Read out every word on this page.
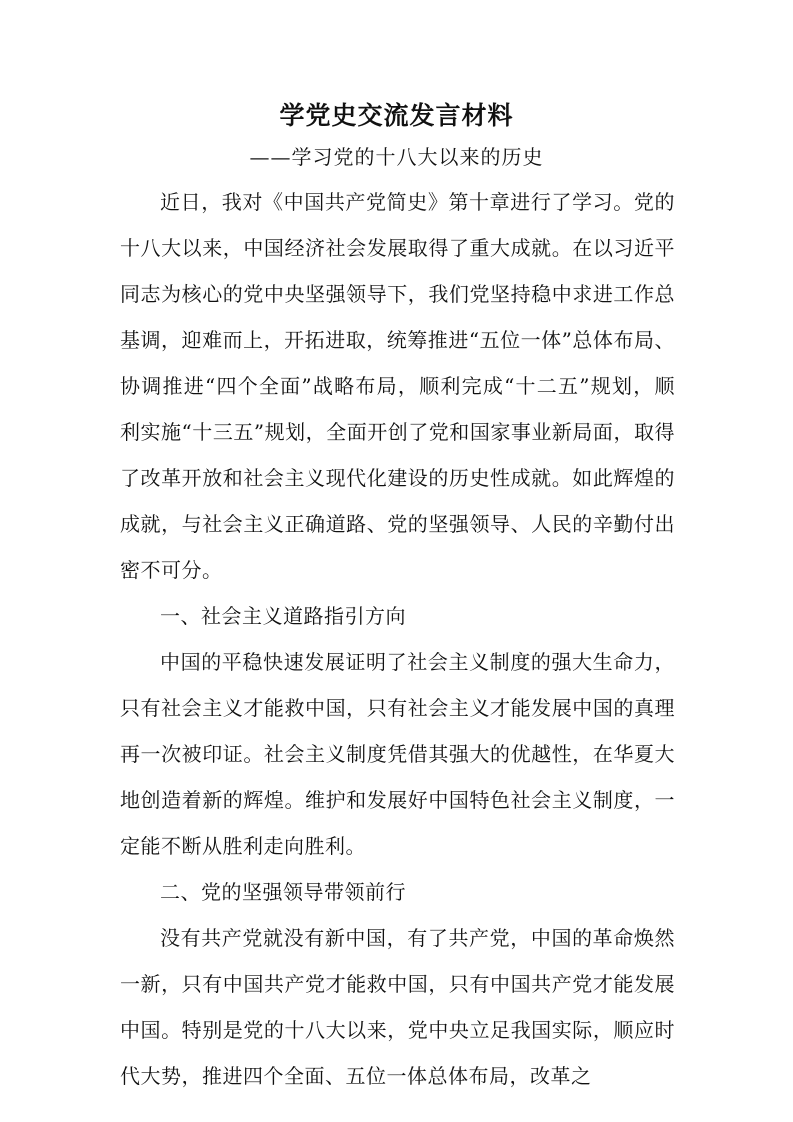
学党史交流发言材料
——学习党的十八大以来的历史

近日，我对《中国共产党简史》第十章进行了学习。党的十八大以来，中国经济社会发展取得了重大成就。在以习近平同志为核心的党中央坚强领导下，我们党坚持稳中求进工作总基调，迎难而上，开拓进取，统筹推进“五位一体”总体布局、协调推进“四个全面”战略布局，顺利完成“十二五”规划，顺利实施“十三五”规划，全面开创了党和国家事业新局面，取得了改革开放和社会主义现代化建设的历史性成就。如此辉煌的成就，与社会主义正确道路、党的坚强领导、人民的辛勤付出密不可分。

一、社会主义道路指引方向

中国的平稳快速发展证明了社会主义制度的强大生命力，只有社会主义才能救中国，只有社会主义才能发展中国的真理再一次被印证。社会主义制度凭借其强大的优越性，在华夏大地创造着新的辉煌。维护和发展好中国特色社会主义制度，一定能不断从胜利走向胜利。

二、党的坚强领导带领前行

没有共产党就没有新中国，有了共产党，中国的革命焕然一新，只有中国共产党才能救中国，只有中国共产党才能发展中国。特别是党的十八大以来，党中央立足我国实际，顺应时代大势，推进四个全面、五位一体总体布局，改革之
